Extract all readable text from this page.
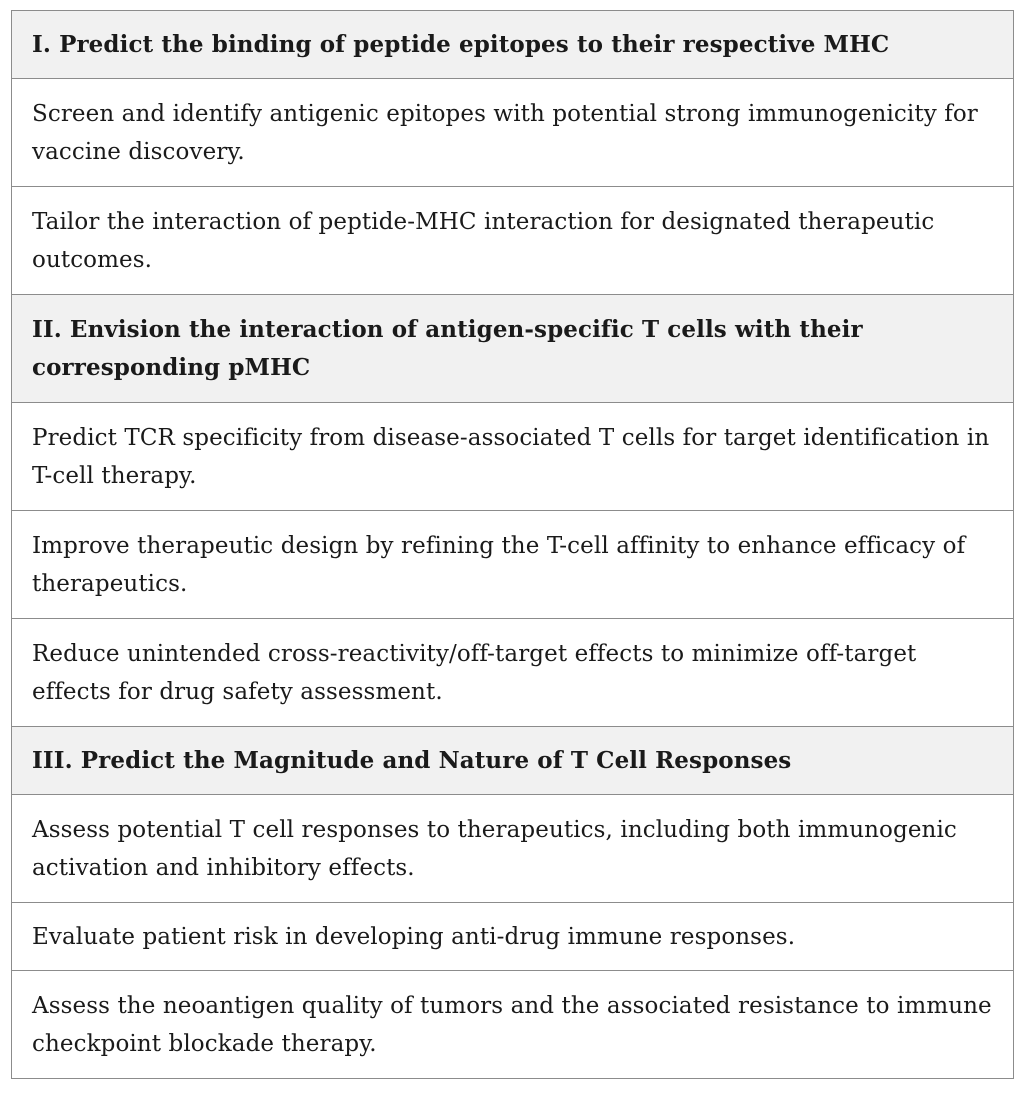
I. Predict the binding of peptide epitopes to their respective MHC
Screen and identify antigenic epitopes with potential strong immunogenicity for vaccine discovery.
Tailor the interaction of peptide-MHC interaction for designated therapeutic outcomes.
II. Envision the interaction of antigen-specific T cells with their corresponding pMHC
Predict TCR specificity from disease-associated T cells for target identification in T-cell therapy.
Improve therapeutic design by refining the T-cell affinity to enhance efficacy of therapeutics.
Reduce unintended cross-reactivity/off-target effects to minimize off-target effects for drug safety assessment.
III. Predict the Magnitude and Nature of T Cell Responses
Assess potential T cell responses to therapeutics, including both immunogenic activation and inhibitory effects.
Evaluate patient risk in developing anti-drug immune responses.
Assess the neoantigen quality of tumors and the associated resistance to immune checkpoint blockade therapy.
